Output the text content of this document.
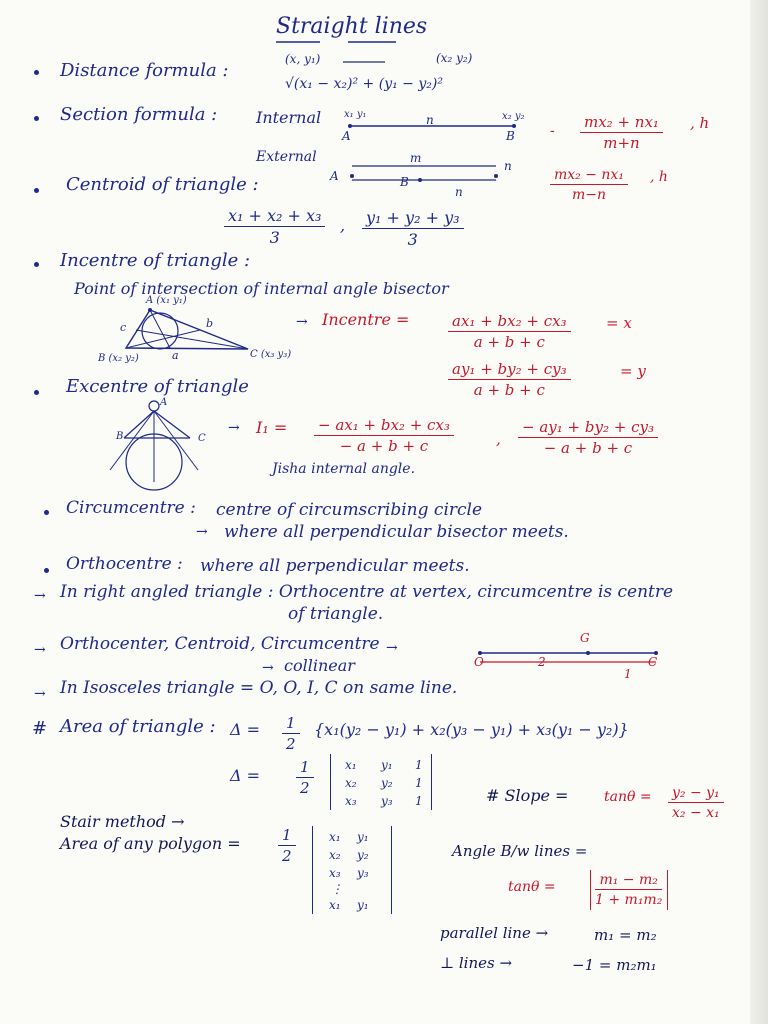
Straight lines
Distance formula :
(x, y₁)	(x₂ y₂)
√(x₁ − x₂)² + (y₁ − y₂)²
Section formula : Internal x₁ y₁	n	x₂ y₂
A	B	- $\frac{\text{mx₂ + nx₁}}{m+n}$ , h
External	m
A	B
n
n	$\frac{\text{mx₂ − nx₁}}{m-n}$ , h
Centroid of triangle :
$\frac{\text{x₁ + x₂ + x₃}}{3}$ , $\frac{\text{y₁ + y₂ + y₃}}{3}$
Incentre of triangle :
Point of intersection of internal angle bisector
A (x₁ y₁)
B (x₂ y₂)	C (x₃ y₃)
c	b
a
→ Incentre =	$\frac{\text{ax₁ + bx₂ + cx₃}}{a + b + c} = x$
$\frac{\text{ay₁ + by₂ + cy₃}}{a + b + c}$	= y
Excentre of triangle
A
B	C
→ $I_1 = \frac{\text{− ax₁ + bx₂ + cx₃}}{- a + b + c}$	, $\frac{\text{− ay₁ + by₂ + cy₃}}{- a + b + c}$
Jisha internal angle.
Circumcentre : centre of circumscribing circle
→ where all perpendicular bisector meets.
Orthocentre : where all perpendicular meets.
→ In right angled triangle : Orthocentre at vertex, circumcentre is centre
of triangle.
→ Orthocenter, Centroid, Circumcentre →
→ collinear	O
G
C
2
1
→ In Isosceles triangle = O, O, I, C on same line.
# Area of triangle : $\Delta = \frac{1}{2} \{x_1(y_2 - y_1) + x_2(y_3 - y_1) + x_3(y_1 - y_2)\}$
$\Delta = \frac{1}{2}$	x₁ y₁ 1
x₂ y₂ 1
x₃ y₃ 1	# Slope =	$\tan\theta = \frac{\text{y₂ − y₁}}{\text{x₂ − x₁}}$
Stair method →
Area of any polygon = $\frac{1}{2}$	x₁ y₁
x₂ y₂
x₃ y₃
⋮
x₁ y₁
Angle B/w lines =
tanθ =	$\frac{\text{m₁ − m₂}}{\text{1 + m₁m₂}}$
parallel line →	m₁ = m₂
⊥ lines →	−1 = m₂m₁
